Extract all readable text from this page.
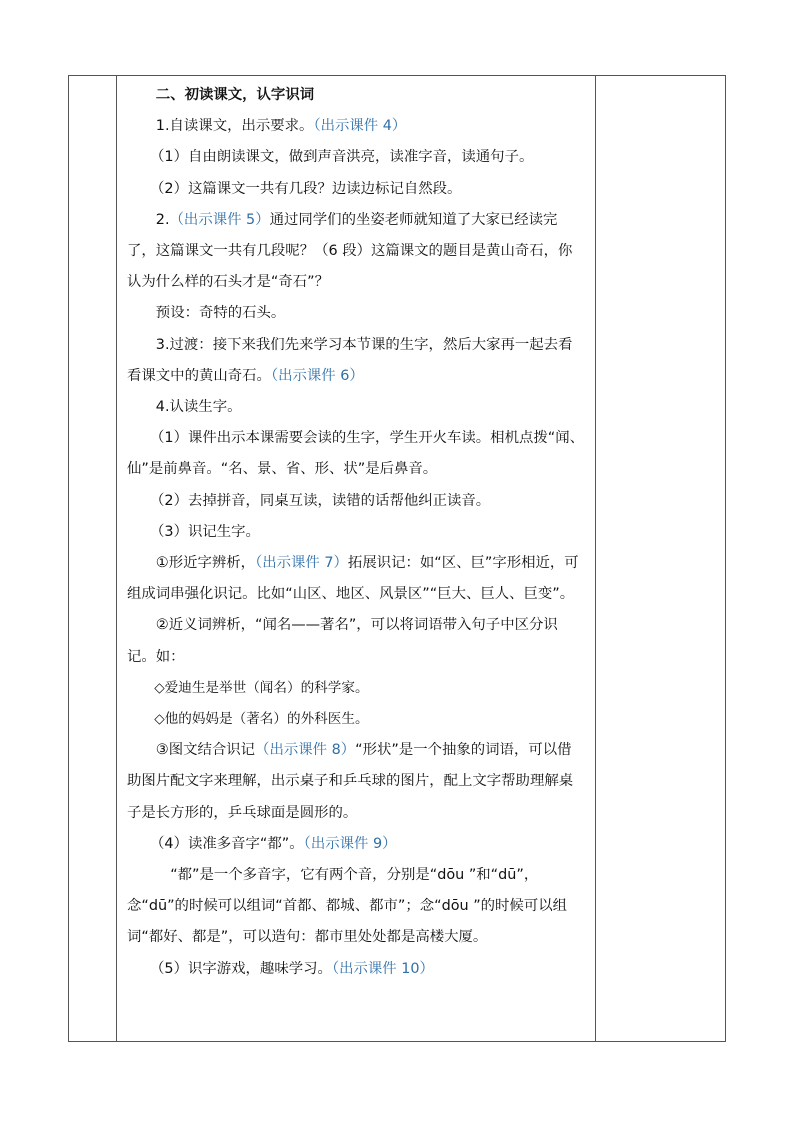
二、初读课文，认字识词

1.自读课文，出示要求。（出示课件 4）

（1）自由朗读课文，做到声音洪亮，读准字音，读通句子。

（2）这篇课文一共有几段？边读边标记自然段。

2.（出示课件 5）通过同学们的坐姿老师就知道了大家已经读完了，这篇课文一共有几段呢？（6 段）这篇课文的题目是黄山奇石，你认为什么样的石头才是“奇石”？

预设：奇特的石头。

3.过渡：接下来我们先来学习本节课的生字，然后大家再一起去看看课文中的黄山奇石。（出示课件 6）

4.认读生字。

（1）课件出示本课需要会读的生字，学生开火车读。相机点拨“闻、仙”是前鼻音。“名、景、省、形、状”是后鼻音。

（2）去掉拼音，同桌互读，读错的话帮他纠正读音。

（3）识记生字。

①形近字辨析，（出示课件 7）拓展识记：如“区、巨”字形相近，可组成词串强化识记。比如“山区、地区、风景区”“巨大、巨人、巨变”。

②近义词辨析，“闻名——著名”，可以将词语带入句子中区分识记。如：

◇爱迪生是举世（闻名）的科学家。

◇他的妈妈是（著名）的外科医生。

③图文结合识记（出示课件 8）“形状”是一个抽象的词语，可以借助图片配文字来理解，出示桌子和乒乓球的图片，配上文字帮助理解桌子是长方形的，乒乓球面是圆形的。

（4）读准多音字“都”。（出示课件 9）

“都”是一个多音字，它有两个音，分别是“dōu ”和“dū”，念“dū”的时候可以组词“首都、都城、都市”；念“dōu ”的时候可以组词“都好、都是”，可以造句：都市里处处都是高楼大厦。

（5）识字游戏，趣味学习。（出示课件 10）
